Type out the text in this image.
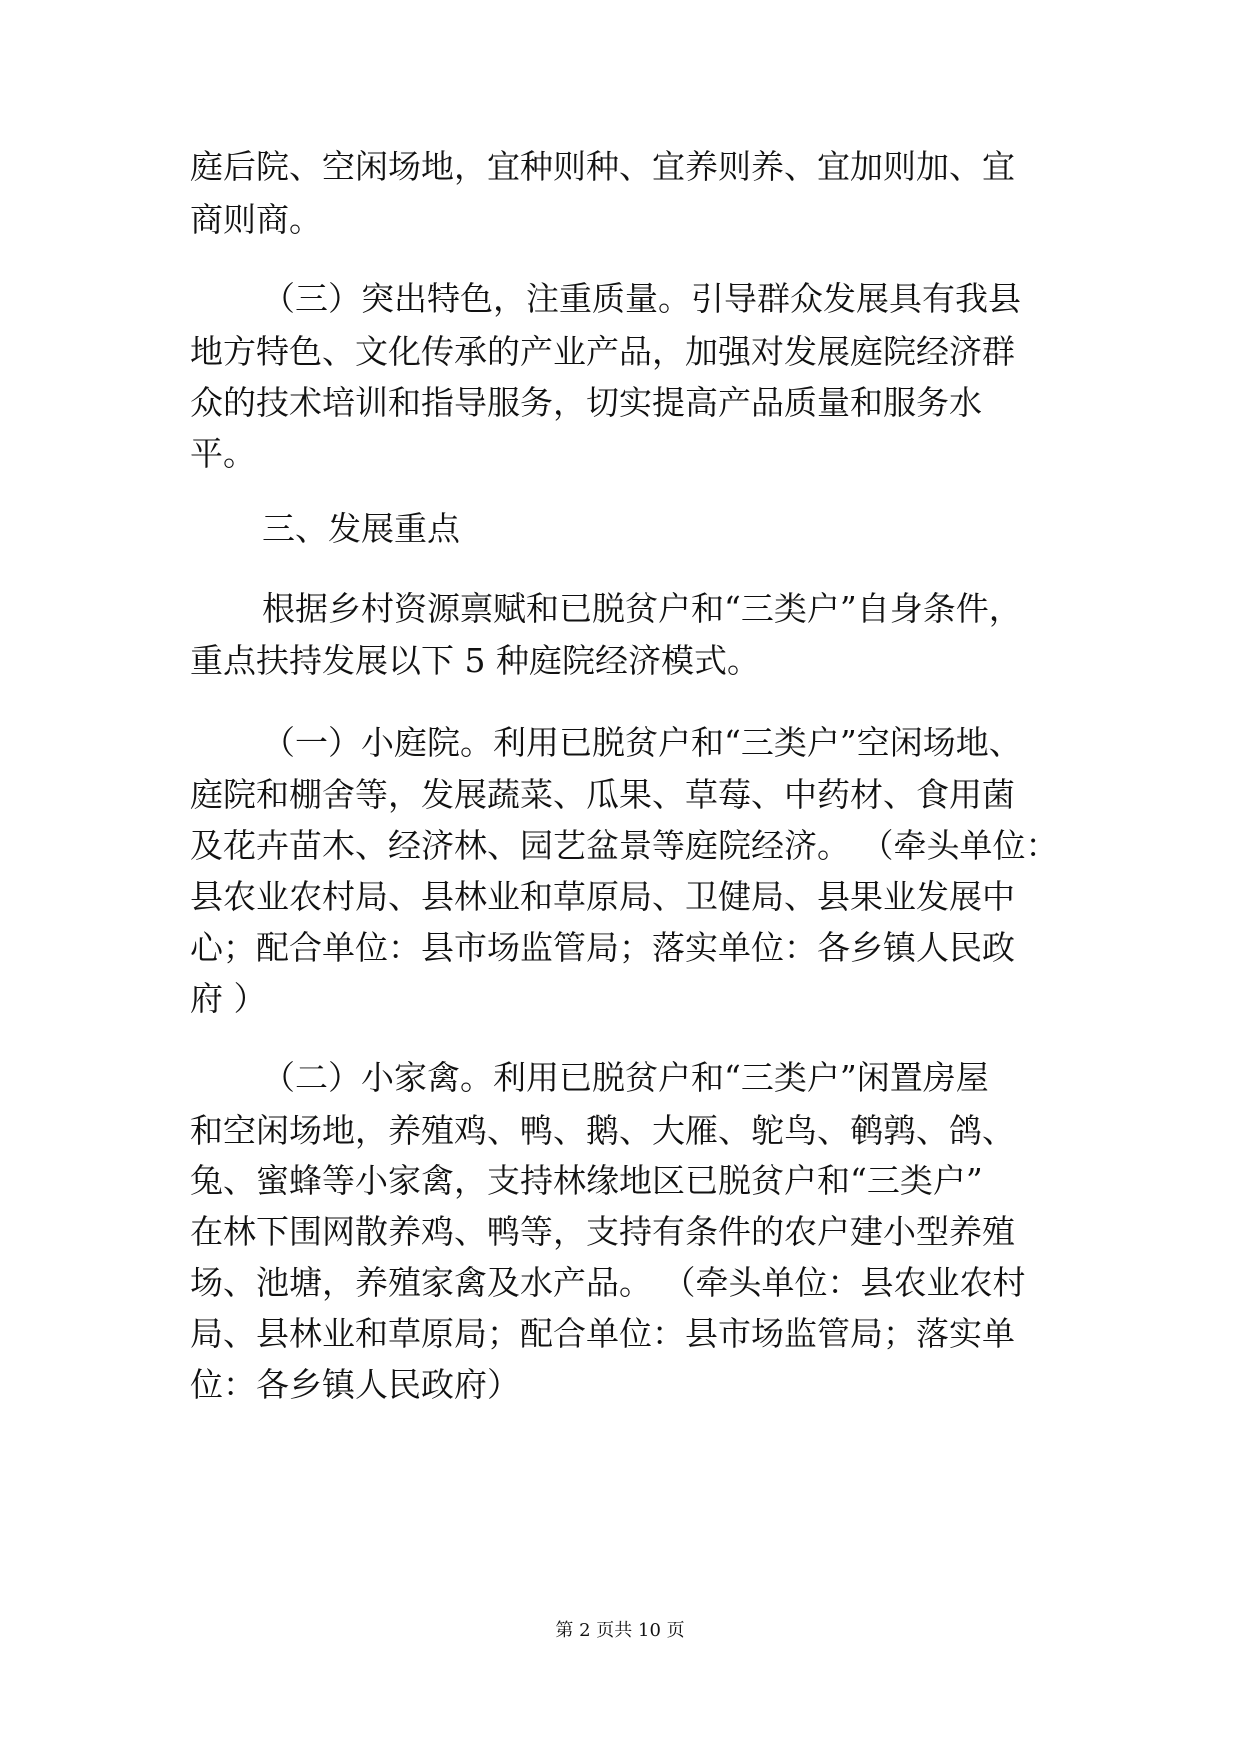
庭后院、空闲场地，宜种则种、宜养则养、宜加则加、宜

商则商。

（三）突出特色，注重质量。引导群众发展具有我县

地方特色、文化传承的产业产品，加强对发展庭院经济群

众的技术培训和指导服务，切实提高产品质量和服务水

平。

三、发展重点

根据乡村资源禀赋和已脱贫户和“三类户”自身条件，

重点扶持发展以下 5 种庭院经济模式。

（一）小庭院。利用已脱贫户和“三类户”空闲场地、

庭院和棚舍等，发展蔬菜、瓜果、草莓、中药材、食用菌

及花卉苗木、经济林、园艺盆景等庭院经济。 （牵头单位：

县农业农村局、县林业和草原局、卫健局、县果业发展中

心；配合单位：县市场监管局；落实单位：各乡镇人民政

府 ）

（二）小家禽。利用已脱贫户和“三类户”闲置房屋

和空闲场地，养殖鸡、鸭、鹅、大雁、鸵鸟、鹌鹑、鸽、

兔、蜜蜂等小家禽，支持林缘地区已脱贫户和“三类户”

在林下围网散养鸡、鸭等，支持有条件的农户建小型养殖

场、池塘，养殖家禽及水产品。 （牵头单位：县农业农村

局、县林业和草原局；配合单位：县市场监管局；落实单

位：各乡镇人民政府）

第 2 页共 10 页
